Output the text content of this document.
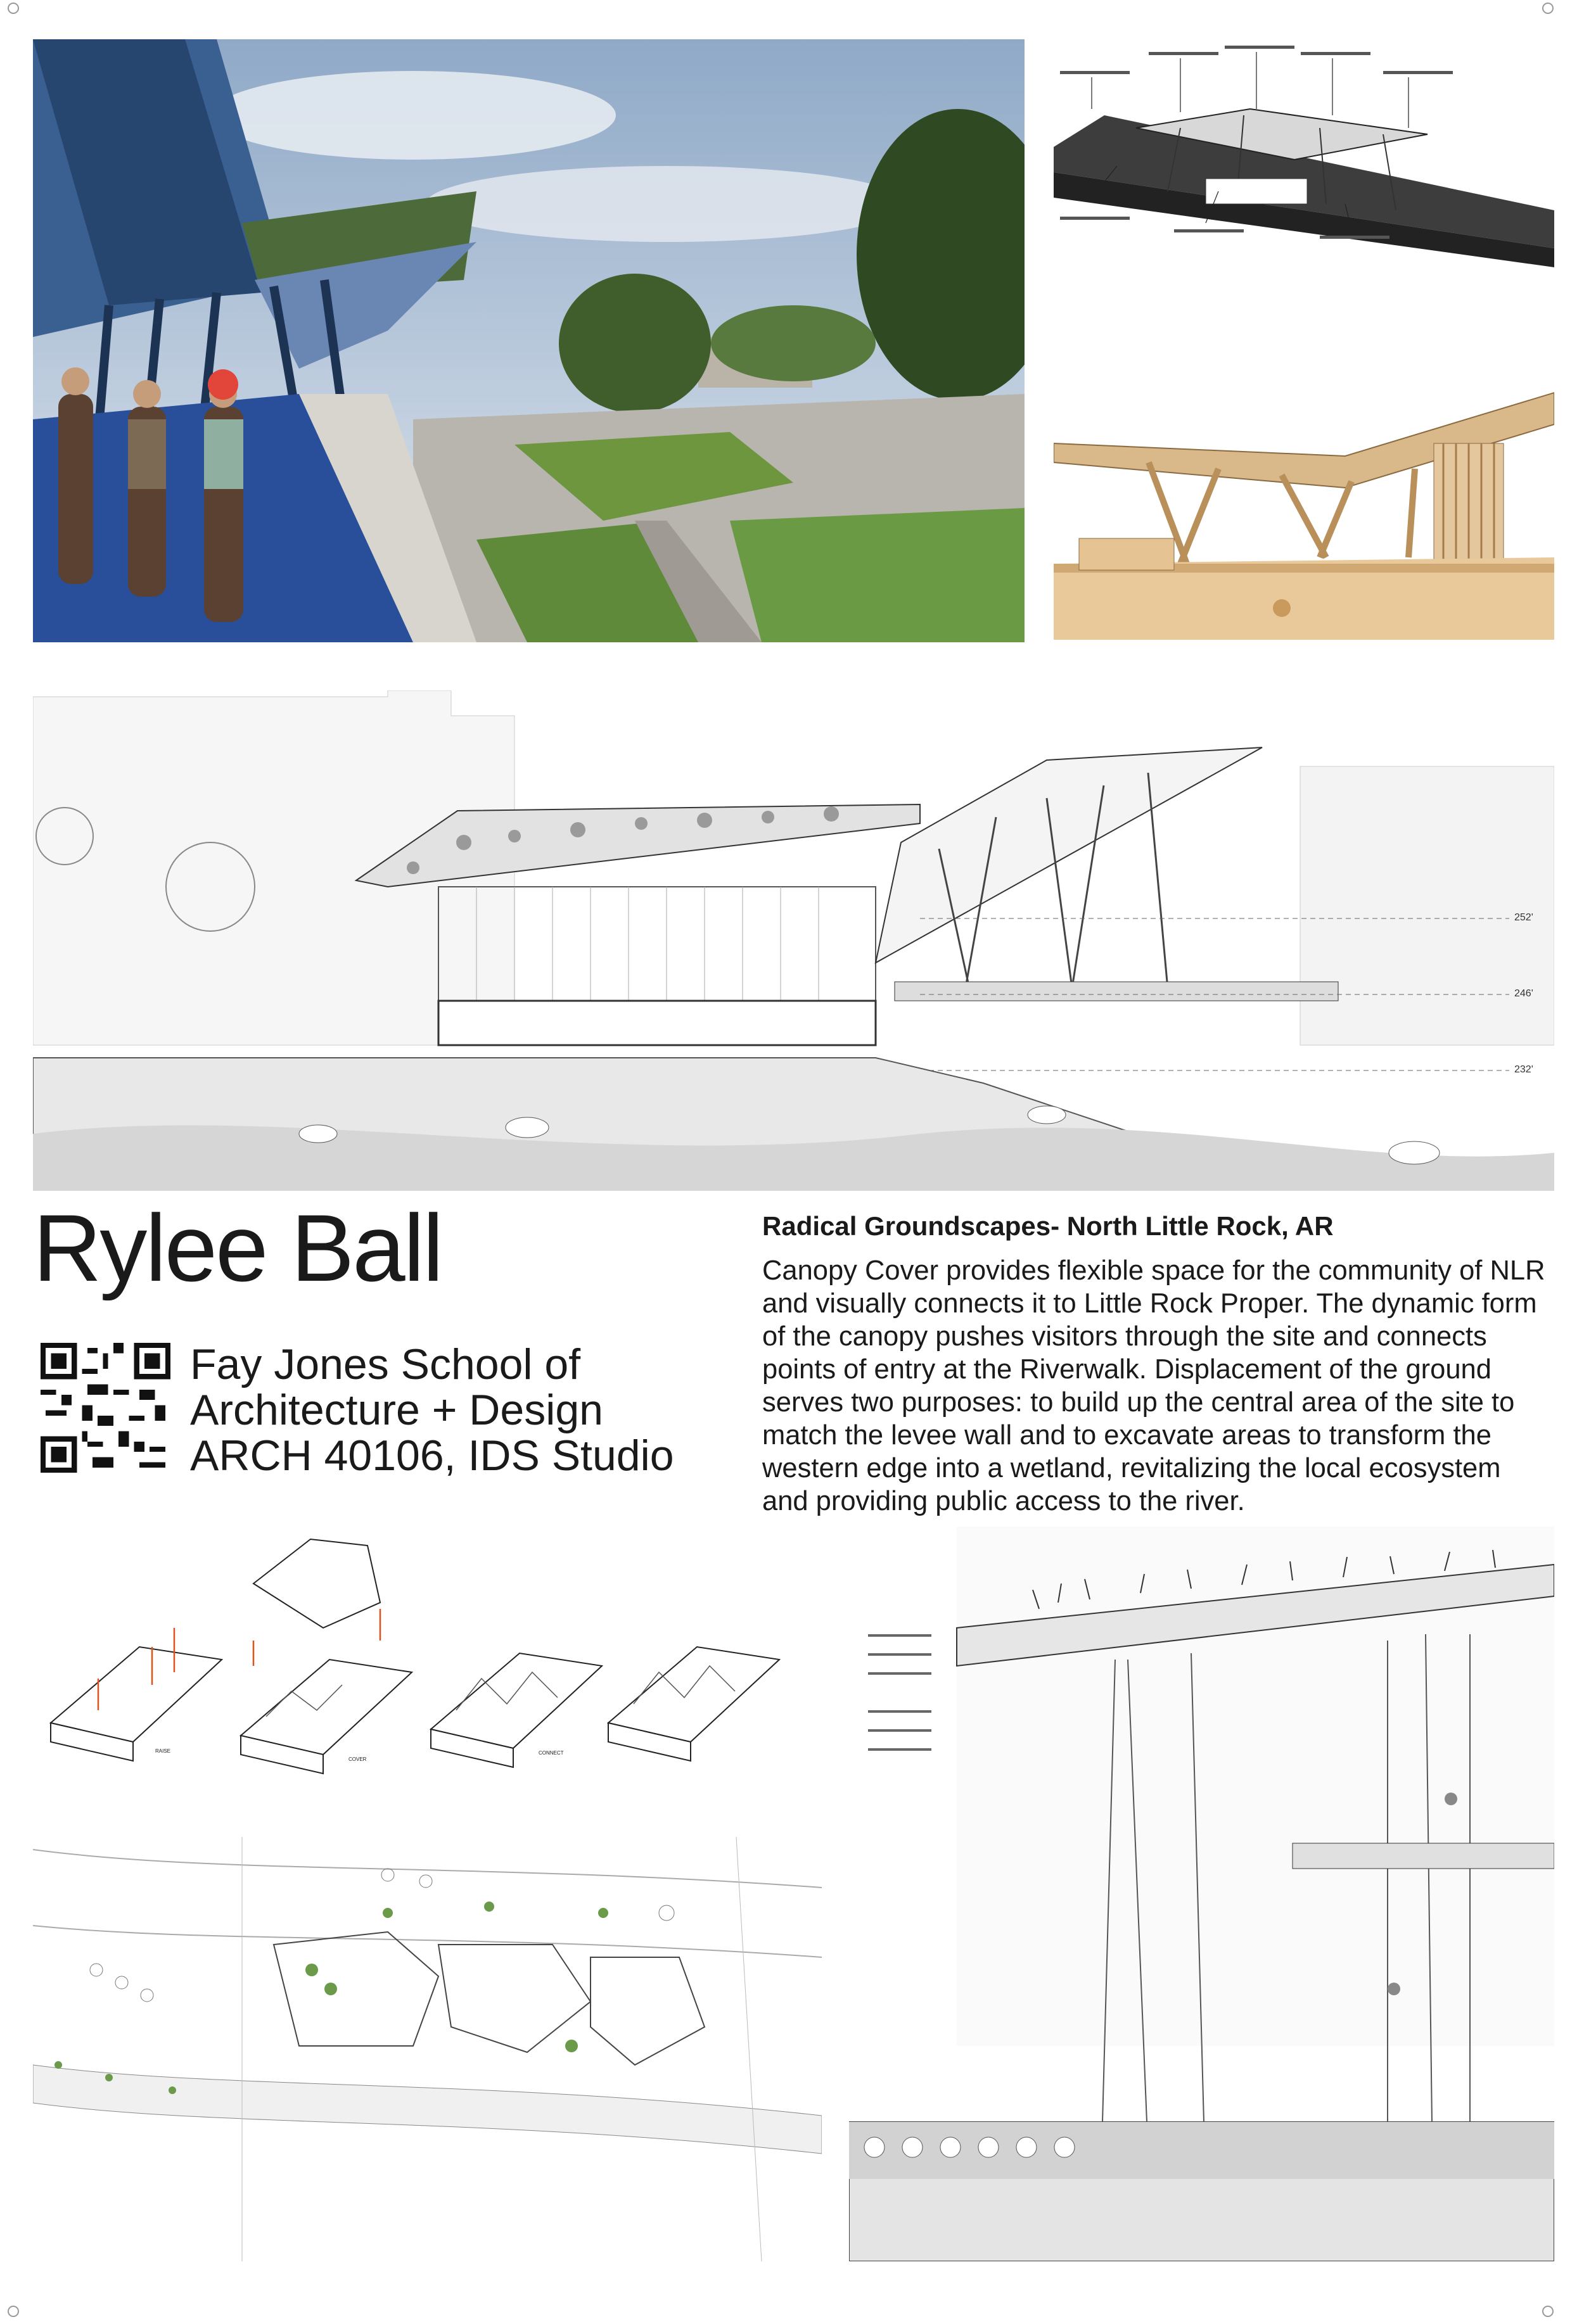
252'
246'
232'
Rylee Ball
Fay Jones School of
Architecture + Design
ARCH 40106, IDS Studio
Radical Groundscapes- North Little Rock, AR
Canopy Cover provides flexible space for the community of NLR and visually connects it to Little Rock Proper. The dynamic form of the canopy pushes visitors through the site and connects points of entry at the Riverwalk. Displacement of the ground serves two purposes: to build up the central area of the site to match the levee wall and to excavate areas to transform the western edge into a wetland, revitalizing the local ecosystem and providing public access to the river.
RAISE
COVER
CONNECT
